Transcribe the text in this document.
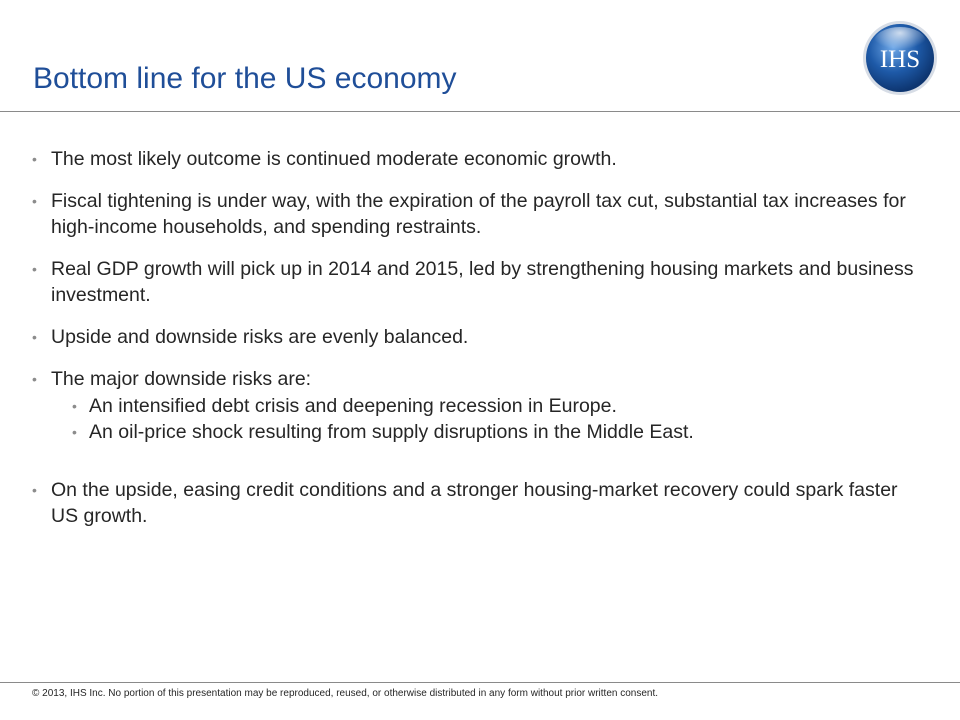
Bottom line for the US economy
IHS
• The most likely outcome is continued moderate economic growth.
• Fiscal tightening is under way, with the expiration of the payroll tax cut, substantial tax increases for high-income households, and spending restraints.
• Real GDP growth will pick up in 2014 and 2015, led by strengthening housing markets and business investment.
• Upside and downside risks are evenly balanced.
• The major downside risks are:
• An intensified debt crisis and deepening recession in Europe.
• An oil-price shock resulting from supply disruptions in the Middle East.
• On the upside, easing credit conditions and a stronger housing-market recovery could spark faster US growth.
© 2013, IHS Inc. No portion of this presentation may be reproduced, reused, or otherwise distributed in any form without prior written consent.
